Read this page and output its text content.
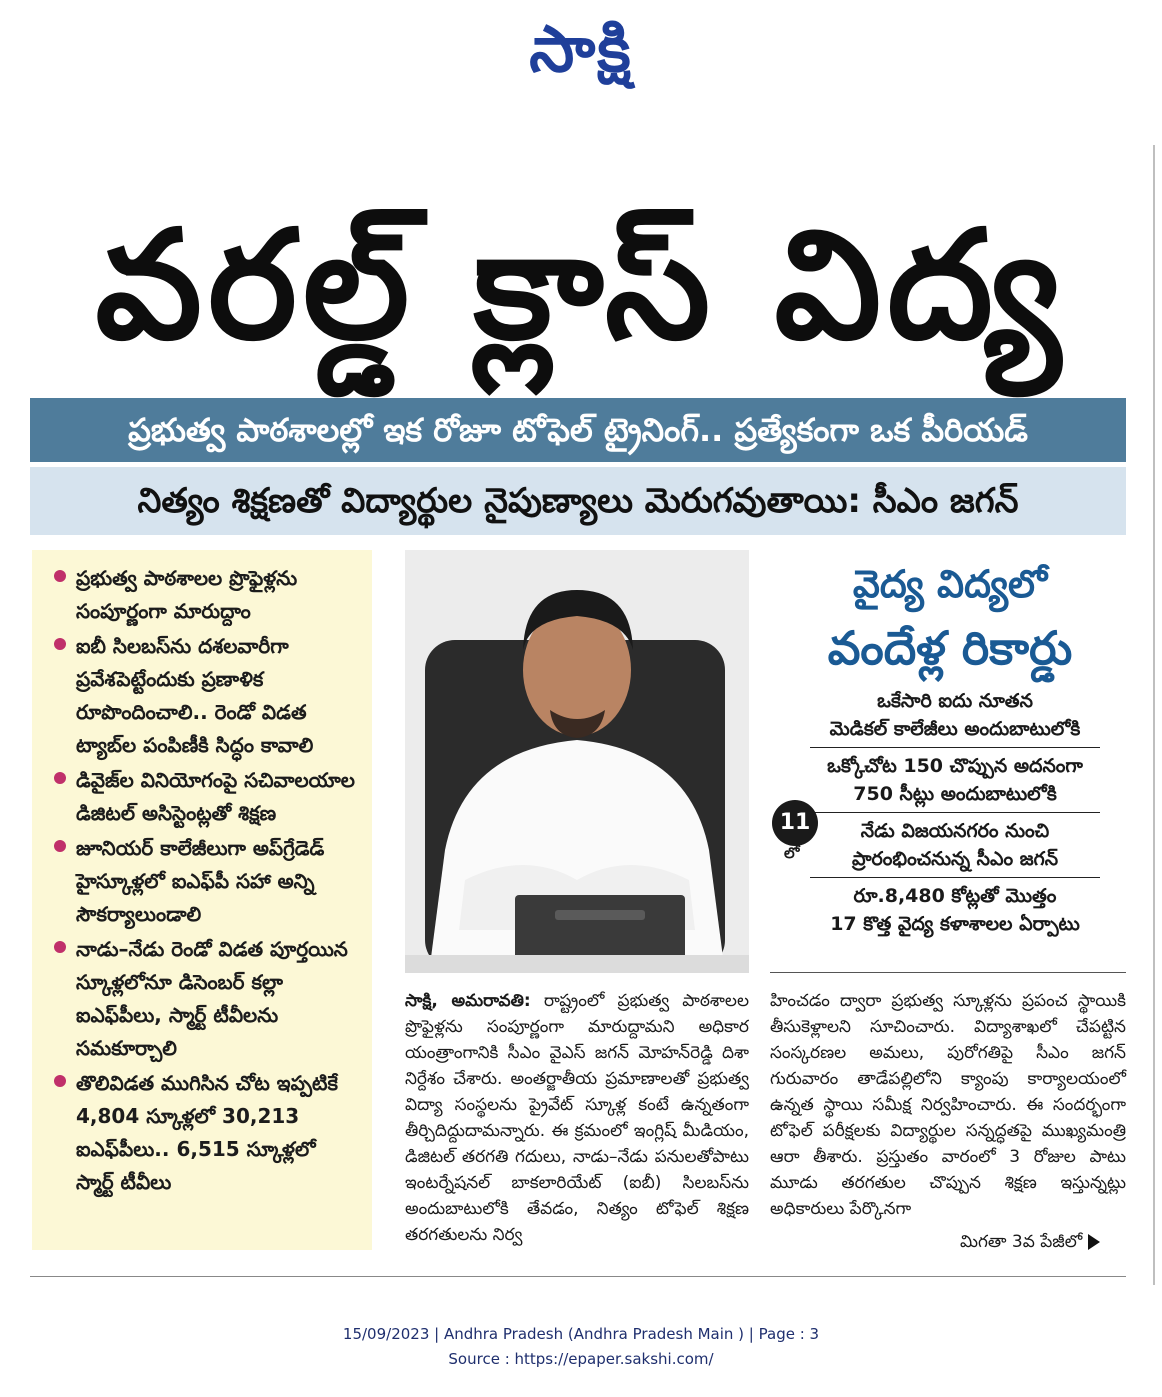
సాక్షి
వరల్డ్ క్లాస్ విద్య
ప్రభుత్వ పాఠశాలల్లో ఇక రోజూ టోఫెల్ ట్రైనింగ్.. ప్రత్యేకంగా ఒక పీరియడ్
నిత్యం శిక్షణతో విద్యార్థుల నైపుణ్యాలు మెరుగవుతాయి: సీఎం జగన్
ప్రభుత్వ పాఠశాలల ప్రొఫైళ్లను సంపూర్ణంగా మారుద్దాం
ఐబీ సిలబస్‌ను దశలవారీగా ప్రవేశపెట్టేందుకు ప్రణాళిక రూపొందించాలి.. రెండో విడత ట్యాబ్‌ల పంపిణీకి సిద్ధం కావాలి
డివైజ్‌ల వినియోగంపై సచివాలయాల డిజిటల్ అసిస్టెంట్లతో శిక్షణ
జూనియర్ కాలేజీలుగా అప్‌గ్రేడెడ్ హైస్కూళ్లలో ఐఎఫ్‌పీ సహా అన్ని సౌకర్యాలుండాలి
నాడు–నేడు రెండో విడత పూర్తయిన స్కూళ్లలోనూ డిసెంబర్ కల్లా ఐఎఫ్‌పీలు, స్మార్ట్ టీవీలను సమకూర్చాలి
తొలివిడత ముగిసిన చోట ఇప్పటికే 4,804 స్కూళ్లలో 30,213 ఐఎఫ్‌పీలు.. 6,515 స్కూళ్లలో స్మార్ట్ టీవీలు
వైద్య విద్యలో
వందేళ్ల రికార్డు

ఒకేసారి ఐదు నూతన

మెడికల్ కాలేజీలు అందుబాటులోకి

ఒక్కోచోట 150 చొప్పున అదనంగా

750 సీట్లు అందుబాటులోకి

నేడు విజయనగరం నుంచి

ప్రారంభించనున్న సీఎం జగన్

రూ.8,480 కోట్లతో మొత్తం

17 కొత్త వైద్య కళాశాలల ఏర్పాటు

11
లో
సాక్షి, అమరావతి: రాష్ట్రంలో ప్రభుత్వ పాఠశాలల ప్రొఫైళ్లను సంపూర్ణంగా మారుద్దామని అధికార యంత్రాంగానికి సీఎం వైఎస్ జగన్ మోహన్‌రెడ్డి దిశా నిర్దేశం చేశారు. అంతర్జాతీయ ప్రమాణాలతో ప్రభుత్వ విద్యా సంస్థలను ప్రైవేట్ స్కూళ్ల కంటే ఉన్నతంగా తీర్చిదిద్దుదామన్నారు. ఈ క్రమంలో ఇంగ్లిష్ మీడియం, డిజిటల్ తరగతి గదులు, నాడు–నేడు పనులతోపాటు ఇంటర్నేషనల్ బాకలారియేట్ (ఐబీ) సిలబస్‌ను అందుబాటులోకి తేవడం, నిత్యం టోఫెల్ శిక్షణ తరగతులను నిర్వ
హించడం ద్వారా ప్రభుత్వ స్కూళ్లను ప్రపంచ స్థాయికి తీసుకెళ్లాలని సూచించారు. విద్యాశాఖలో చేపట్టిన సంస్కరణల అమలు, పురోగతిపై సీఎం జగన్ గురువారం తాడేపల్లిలోని క్యాంపు కార్యాలయంలో ఉన్నత స్థాయి సమీక్ష నిర్వహించారు. ఈ సందర్భంగా టోఫెల్ పరీక్షలకు విద్యార్థుల సన్నద్ధతపై ముఖ్యమంత్రి ఆరా తీశారు. ప్రస్తుతం వారంలో 3 రోజుల పాటు మూడు తరగతుల చొప్పున శిక్షణ ఇస్తున్నట్లు అధికారులు పేర్కొనగా
మిగతా 3వ పేజీలో
15/09/2023 | Andhra Pradesh (Andhra Pradesh Main ) | Page : 3
Source : https://epaper.sakshi.com/
